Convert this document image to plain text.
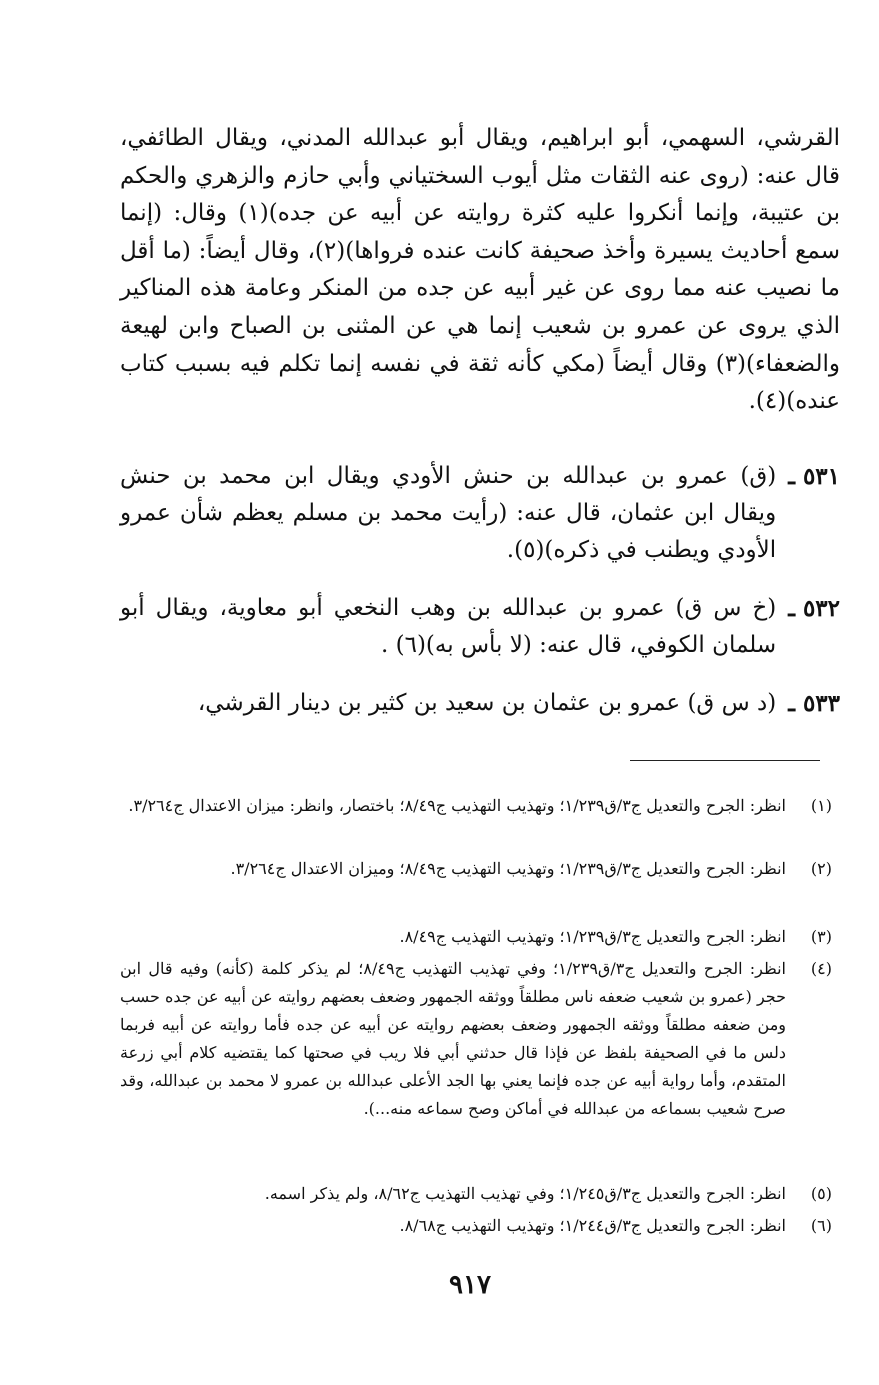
القرشي، السهمي، أبو ابراهيم، ويقال أبو عبدالله المدني، ويقال الطائفي، قال عنه: (روى عنه الثقات مثل أيوب السختياني وأبي حازم والزهري والحكم بن عتيبة، وإنما أنكروا عليه كثرة روايته عن أبيه عن جده)(١) وقال: (إنما سمع أحاديث يسيرة وأخذ صحيفة كانت عنده فرواها)(٢)، وقال أيضاً: (ما أقل ما نصيب عنه مما روى عن غير أبيه عن جده من المنكر وعامة هذه المناكير الذي يروى عن عمرو بن شعيب إنما هي عن المثنى بن الصباح وابن لهيعة والضعفاء)(٣) وقال أيضاً (مكي كأنه ثقة في نفسه إنما تكلم فيه بسبب كتاب عنده)(٤).

٥٣١ ـ
(ق) عمرو بن عبدالله بن حنش الأودي ويقال ابن محمد بن حنش ويقال ابن عثمان، قال عنه: (رأيت محمد بن مسلم يعظم شأن عمرو الأودي ويطنب في ذكره)(٥).
٥٣٢ ـ
(خ س ق) عمرو بن عبدالله بن وهب النخعي أبو معاوية، ويقال أبو سلمان الكوفي، قال عنه: (لا بأس به)(٦) .
٥٣٣ ـ
(د س ق) عمرو بن عثمان بن سعيد بن كثير بن دينار القرشي،
(١)
انظر: الجرح والتعديل ج٣/ق١/٢٣٩؛ وتهذيب التهذيب ج٨/٤٩؛ باختصار، وانظر: ميزان الاعتدال ج٣/٢٦٤.
(٢)
انظر: الجرح والتعديل ج٣/ق١/٢٣٩؛ وتهذيب التهذيب ج٨/٤٩؛ وميزان الاعتدال ج٣/٢٦٤.
(٣)
انظر: الجرح والتعديل ج٣/ق١/٢٣٩؛ وتهذيب التهذيب ج٨/٤٩.
(٤)
انظر: الجرح والتعديل ج٣/ق١/٢٣٩؛ وفي تهذيب التهذيب ج٨/٤٩؛ لم يذكر كلمة (كأنه) وفيه قال ابن حجر (عمرو بن شعيب ضعفه ناس مطلقاً ووثقه الجمهور وضعف بعضهم روايته عن أبيه عن جده حسب ومن ضعفه مطلقاً ووثقه الجمهور وضعف بعضهم روايته عن أبيه عن جده فأما روايته عن أبيه فربما دلس ما في الصحيفة بلفظ عن فإذا قال حدثني أبي فلا ريب في صحتها كما يقتضيه كلام أبي زرعة المتقدم، وأما رواية أبيه عن جده فإنما يعني بها الجد الأعلى عبدالله بن عمرو لا محمد بن عبدالله، وقد صرح شعيب بسماعه من عبدالله في أماكن وصح سماعه منه...).
(٥)
انظر: الجرح والتعديل ج٣/ق١/٢٤٥؛ وفي تهذيب التهذيب ج٨/٦٢، ولم يذكر اسمه.
(٦)
انظر: الجرح والتعديل ج٣/ق١/٢٤٤؛ وتهذيب التهذيب ج٨/٦٨.
٩١٧
